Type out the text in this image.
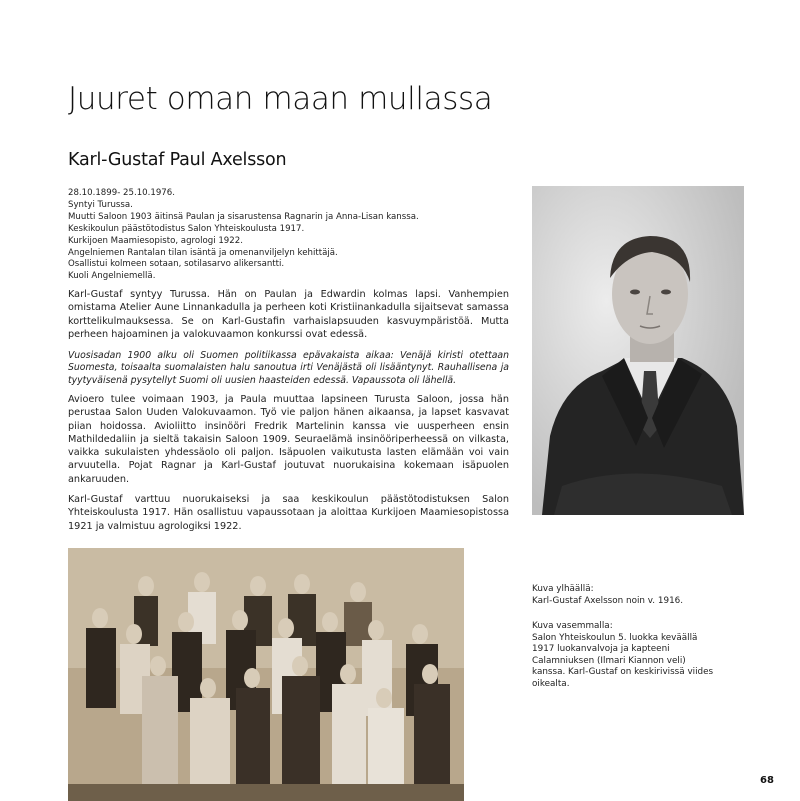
Juuret oman maan mullassa
Karl-Gustaf Paul Axelsson
28.10.1899- 25.10.1976.
Syntyi Turussa.
Muutti Saloon 1903 äitinsä Paulan ja sisarustensa Ragnarin ja Anna-Lisan kanssa.
Keskikoulun päästötodistus Salon Yhteiskoulusta 1917.
Kurkijoen Maamiesopisto, agrologi 1922.
Angelniemen Rantalan tilan isäntä ja omenanviljelyn kehittäjä.
Osallistui kolmeen sotaan, sotilasarvo alikersantti.
Kuoli Angelniemellä.

Karl-Gustaf syntyy Turussa. Hän on Paulan ja Edwardin kolmas lapsi. Vanhempien omistama Atelier Aune Linnankadulla ja perheen koti Kristiinankadulla sijaitsevat samassa korttelikulmauksessa. Se on Karl-Gustafin varhaislapsuuden kasvuympäristöä. Mutta perheen hajoaminen ja valokuvaamon konkurssi ovat edessä.

Vuosisadan 1900 alku oli Suomen politiikassa epävakaista aikaa: Venäjä kiristi otettaan Suomesta, toisaalta suomalaisten halu sanoutua irti Venäjästä oli lisääntynyt. Rauhallisena ja tyytyväisenä pysytellyt Suomi oli uusien haasteiden edessä. Vapaussota oli lähellä.

Avioero tulee voimaan 1903, ja Paula muuttaa lapsineen Turusta Saloon, jossa hän perustaa Salon Uuden Valokuvaamon. Työ vie paljon hänen aikaansa, ja lapset kasvavat piian hoidossa. Avioliitto insinööri Fredrik Martelinin kanssa vie uusperheen ensin Mathildedaliin ja sieltä takaisin Saloon 1909. Seuraelämä insinööriperheessä on vilkasta, vaikka sukulaisten yhdessäolo oli paljon. Isäpuolen vaikutusta lasten elämään voi vain arvuutella. Pojat Ragnar ja Karl-Gustaf joutuvat nuorukaisina kokemaan isäpuolen ankaruuden.

Karl-Gustaf varttuu nuorukaiseksi ja saa keskikoulun päästötodistuksen Salon Yhteiskoulusta 1917. Hän osallistuu vapaussotaan ja aloittaa Kurkijoen Maamiesopistossa 1921 ja valmistuu agrologiksi 1922.

Kuva ylhäällä:
Karl-Gustaf Axelsson noin v. 1916.
Kuva vasemmalla:
Salon Yhteiskoulun 5. luokka keväällä
1917 luokanvalvoja ja kapteeni
Calamniuksen (Ilmari Kiannon veli)
kanssa. Karl-Gustaf on keskirivissä viides
oikealta.
68
